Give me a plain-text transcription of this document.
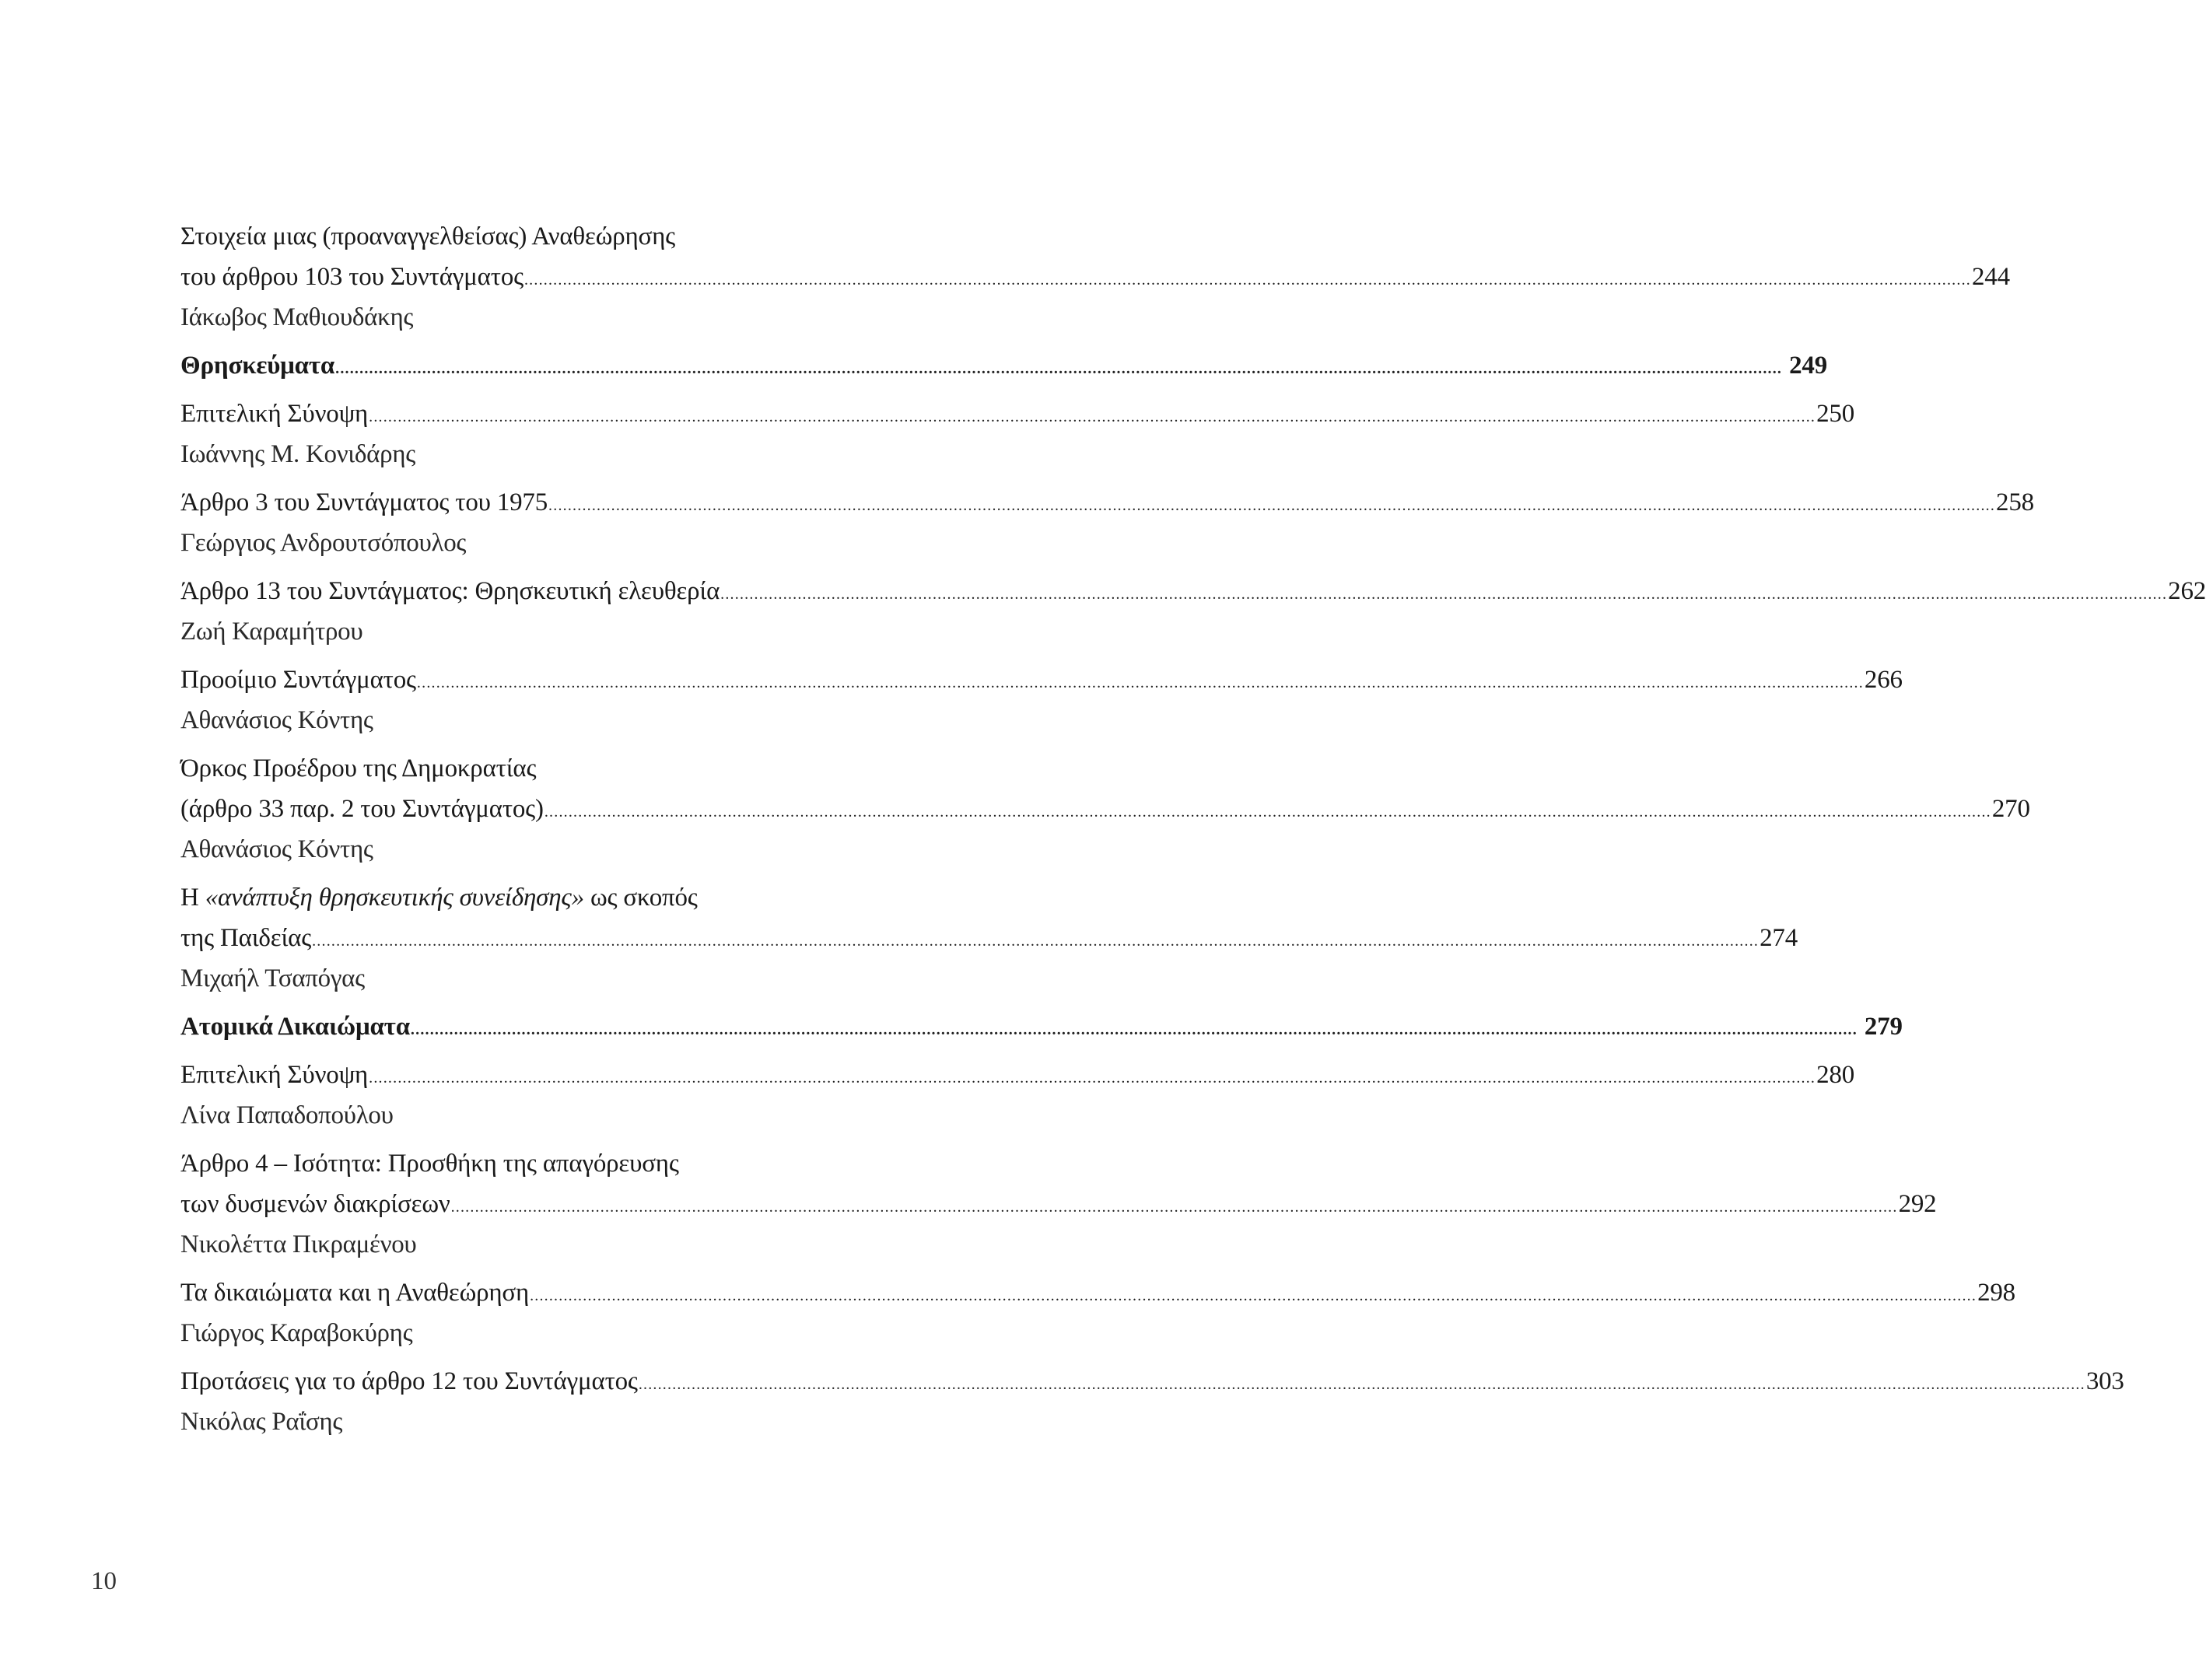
Στοιχεία μιας (προαναγγελθείσας) Αναθεώρησης
του άρθρου 103 του Συντάγματος ............................................................................................................................................................................................................................................................................................................ 244
Ιάκωβος Μαθιουδάκης
Θρησκεύματα ............................................................................................................................................................................................................................................................................................................ 249
Επιτελική Σύνοψη ............................................................................................................................................................................................................................................................................................................ 250
Ιωάννης Μ. Κονιδάρης
Άρθρο 3 του Συντάγματος του 1975 ............................................................................................................................................................................................................................................................................................................ 258
Γεώργιος Ανδρουτσόπουλος
Άρθρο 13 του Συντάγματος: Θρησκευτική ελευθερία ............................................................................................................................................................................................................................................................................................................ 262
Ζωή Καραμήτρου
Προοίμιο Συντάγματος ............................................................................................................................................................................................................................................................................................................ 266
Αθανάσιος Κόντης
Όρκος Προέδρου της Δημοκρατίας
(άρθρο 33 παρ. 2 του Συντάγματος) ............................................................................................................................................................................................................................................................................................................ 270
Αθανάσιος Κόντης
Η «ανάπτυξη θρησκευτικής συνείδησης» ως σκοπός
της Παιδείας ............................................................................................................................................................................................................................................................................................................ 274
Μιχαήλ Τσαπόγας
Ατομικά Δικαιώματα ............................................................................................................................................................................................................................................................................................................ 279
Επιτελική Σύνοψη ............................................................................................................................................................................................................................................................................................................ 280
Λίνα Παπαδοπούλου
Άρθρο 4 – Ισότητα: Προσθήκη της απαγόρευσης
των δυσμενών διακρίσεων ............................................................................................................................................................................................................................................................................................................ 292
Νικολέττα Πικραμένου
Τα δικαιώματα και η Αναθεώρηση ............................................................................................................................................................................................................................................................................................................ 298
Γιώργος Καραβοκύρης
Προτάσεις για το άρθρο 12 του Συντάγματος ............................................................................................................................................................................................................................................................................................................ 303
Νικόλας Ραΐσης
10
